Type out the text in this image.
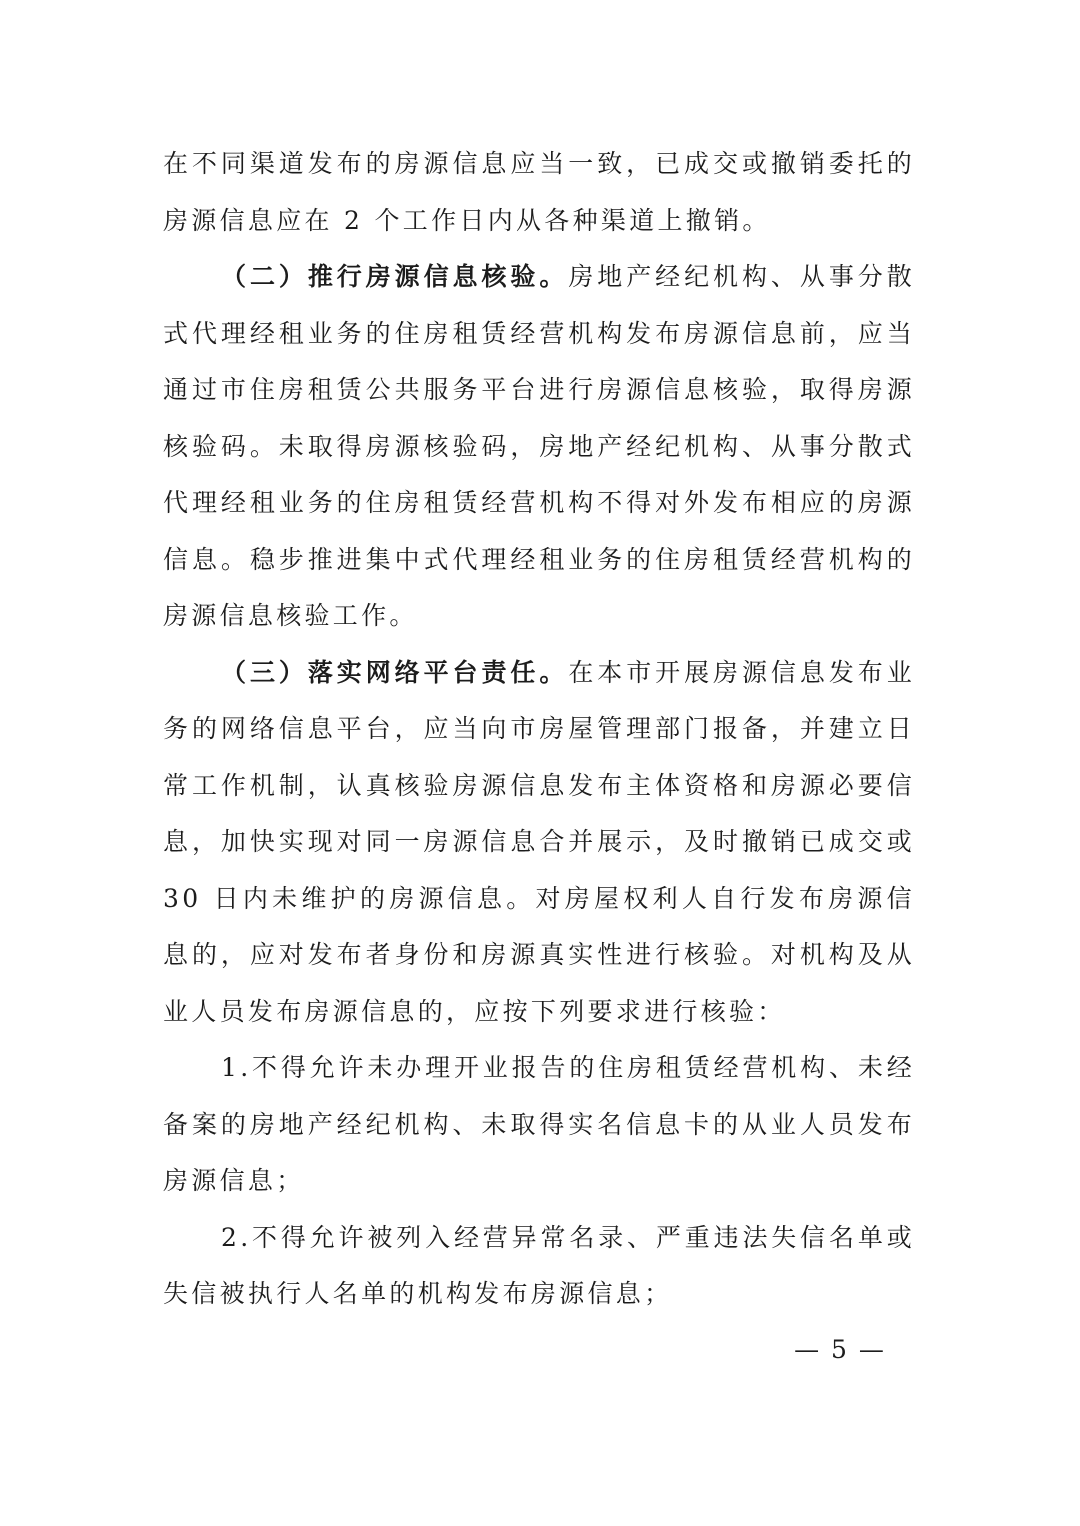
在不同渠道发布的房源信息应当一致，已成交或撤销委托的房源信息应在 2 个工作日内从各种渠道上撤销。

（二）推行房源信息核验。房地产经纪机构、从事分散式代理经租业务的住房租赁经营机构发布房源信息前，应当通过市住房租赁公共服务平台进行房源信息核验，取得房源核验码。未取得房源核验码，房地产经纪机构、从事分散式代理经租业务的住房租赁经营机构不得对外发布相应的房源信息。稳步推进集中式代理经租业务的住房租赁经营机构的房源信息核验工作。

（三）落实网络平台责任。在本市开展房源信息发布业务的网络信息平台，应当向市房屋管理部门报备，并建立日常工作机制，认真核验房源信息发布主体资格和房源必要信息，加快实现对同一房源信息合并展示，及时撤销已成交或 30 日内未维护的房源信息。对房屋权利人自行发布房源信息的，应对发布者身份和房源真实性进行核验。对机构及从业人员发布房源信息的，应按下列要求进行核验：

1.不得允许未办理开业报告的住房租赁经营机构、未经备案的房地产经纪机构、未取得实名信息卡的从业人员发布房源信息；

2.不得允许被列入经营异常名录、严重违法失信名单或失信被执行人名单的机构发布房源信息；

— 5 —
